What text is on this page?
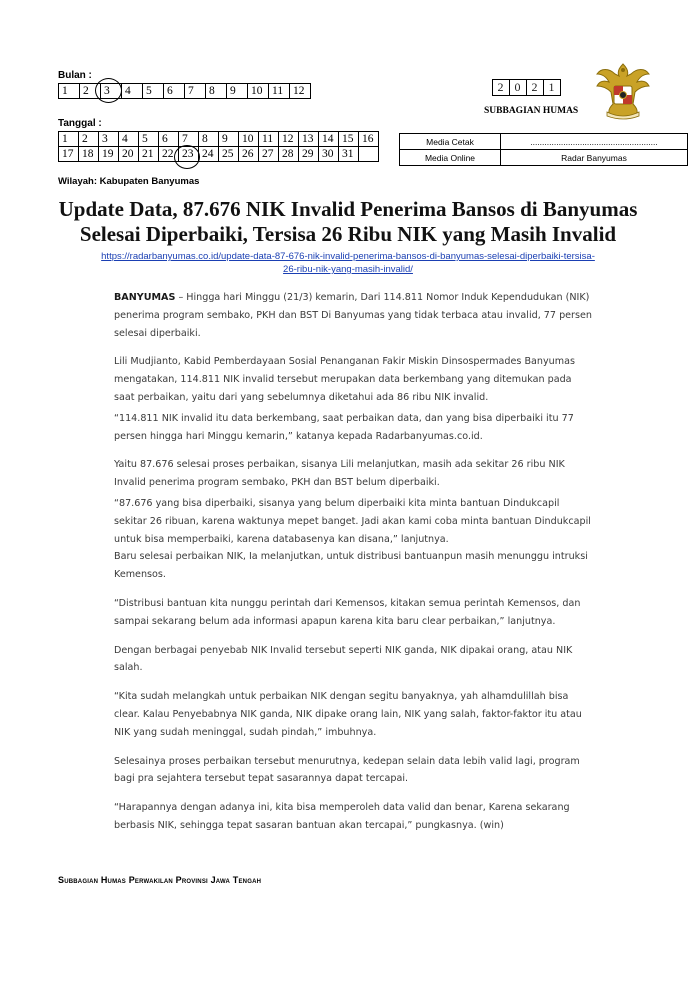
Bulan :
1	2	3	4	5	6	7	8	9	10	11	12
Tanggal :
1	2	3	4	5	6	7	8	9	10	11	12	13	14	15	16
17	18	19	20	21	22	23	24	25	26	27	28	29	30	31	
2	0	2	1
SUBBAGIAN HUMAS
Media Cetak	......................................................
Media Online	Radar Banyumas
Wilayah: Kabupaten Banyumas
Update Data, 87.676 NIK Invalid Penerima Bansos di Banyumas
Selesai Diperbaiki, Tersisa 26 Ribu NIK yang Masih Invalid
https://radarbanyumas.co.id/update-data-87-676-nik-invalid-penerima-bansos-di-banyumas-selesai-diperbaiki-tersisa-
26-ribu-nik-yang-masih-invalid/

BANYUMAS – Hingga hari Minggu (21/3) kemarin, Dari 114.811 Nomor Induk Kependudukan (NIK) penerima program sembako, PKH dan BST Di Banyumas yang tidak terbaca atau invalid, 77 persen selesai diperbaiki.

Lili Mudjianto, Kabid Pemberdayaan Sosial Penanganan Fakir Miskin Dinsospermades Banyumas mengatakan, 114.811 NIK invalid tersebut merupakan data berkembang yang ditemukan pada saat perbaikan, yaitu dari yang sebelumnya diketahui ada 86 ribu NIK invalid.

“114.811 NIK invalid itu data berkembang, saat perbaikan data, dan yang bisa diperbaiki itu 77 persen hingga hari Minggu kemarin,” katanya kepada Radarbanyumas.co.id.

Yaitu 87.676 selesai proses perbaikan, sisanya Lili melanjutkan, masih ada sekitar 26 ribu NIK Invalid penerima program sembako, PKH dan BST belum diperbaiki.

“87.676 yang bisa diperbaiki, sisanya yang belum diperbaiki kita minta bantuan Dindukcapil sekitar 26 ribuan, karena waktunya mepet banget. Jadi akan kami coba minta bantuan Dindukcapil untuk bisa memperbaiki, karena databasenya kan disana,” lanjutnya.

Baru selesai perbaikan NIK, Ia melanjutkan, untuk distribusi bantuanpun masih menunggu intruksi Kemensos.

“Distribusi bantuan kita nunggu perintah dari Kemensos, kitakan semua perintah Kemensos, dan sampai sekarang belum ada informasi apapun karena kita baru clear perbaikan,” lanjutnya.

Dengan berbagai penyebab NIK Invalid tersebut seperti NIK ganda, NIK dipakai orang, atau NIK salah.

“Kita sudah melangkah untuk perbaikan NIK dengan segitu banyaknya, yah alhamdulillah bisa clear. Kalau Penyebabnya NIK ganda, NIK dipake orang lain, NIK yang salah, faktor-faktor itu atau NIK yang sudah meninggal, sudah pindah,” imbuhnya.

Selesainya proses perbaikan tersebut menurutnya, kedepan selain data lebih valid lagi, program bagi pra sejahtera tersebut tepat sasarannya dapat tercapai.

“Harapannya dengan adanya ini, kita bisa memperoleh data valid dan benar, Karena sekarang berbasis NIK, sehingga tepat sasaran bantuan akan tercapai,” pungkasnya. (win)

Subbagian Humas Perwakilan Provinsi Jawa Tengah
